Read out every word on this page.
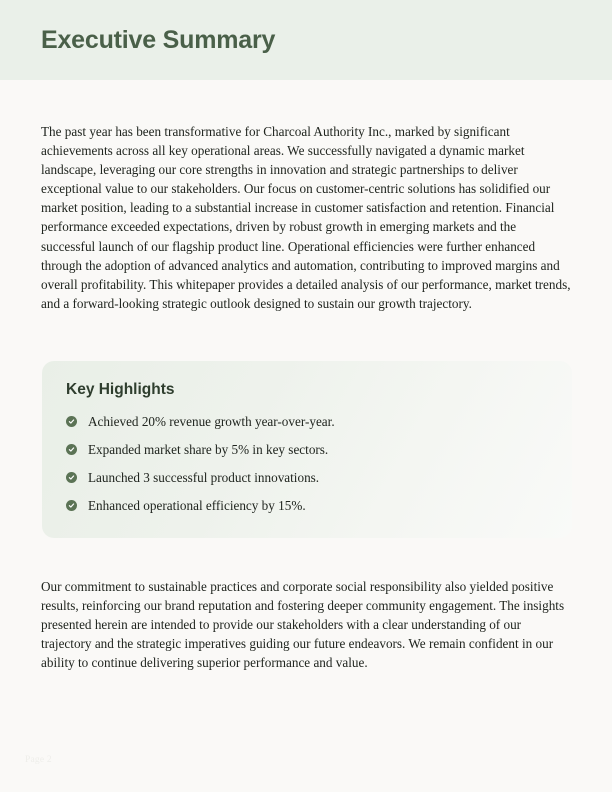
Executive Summary

The past year has been transformative for Charcoal Authority Inc., marked by significant achievements across all key operational areas. We successfully navigated a dynamic market landscape, leveraging our core strengths in innovation and strategic partnerships to deliver exceptional value to our stakeholders. Our focus on customer-centric solutions has solidified our market position, leading to a substantial increase in customer satisfaction and retention. Financial performance exceeded expectations, driven by robust growth in emerging markets and the successful launch of our flagship product line. Operational efficiencies were further enhanced through the adoption of advanced analytics and automation, contributing to improved margins and overall profitability. This whitepaper provides a detailed analysis of our performance, market trends, and a forward-looking strategic outlook designed to sustain our growth trajectory.

Key Highlights
Achieved 20% revenue growth year-over-year.
Expanded market share by 5% in key sectors.
Launched 3 successful product innovations.
Enhanced operational efficiency by 15%.

Our commitment to sustainable practices and corporate social responsibility also yielded positive results, reinforcing our brand reputation and fostering deeper community engagement. The insights presented herein are intended to provide our stakeholders with a clear understanding of our trajectory and the strategic imperatives guiding our future endeavors. We remain confident in our ability to continue delivering superior performance and value.

Page 2
